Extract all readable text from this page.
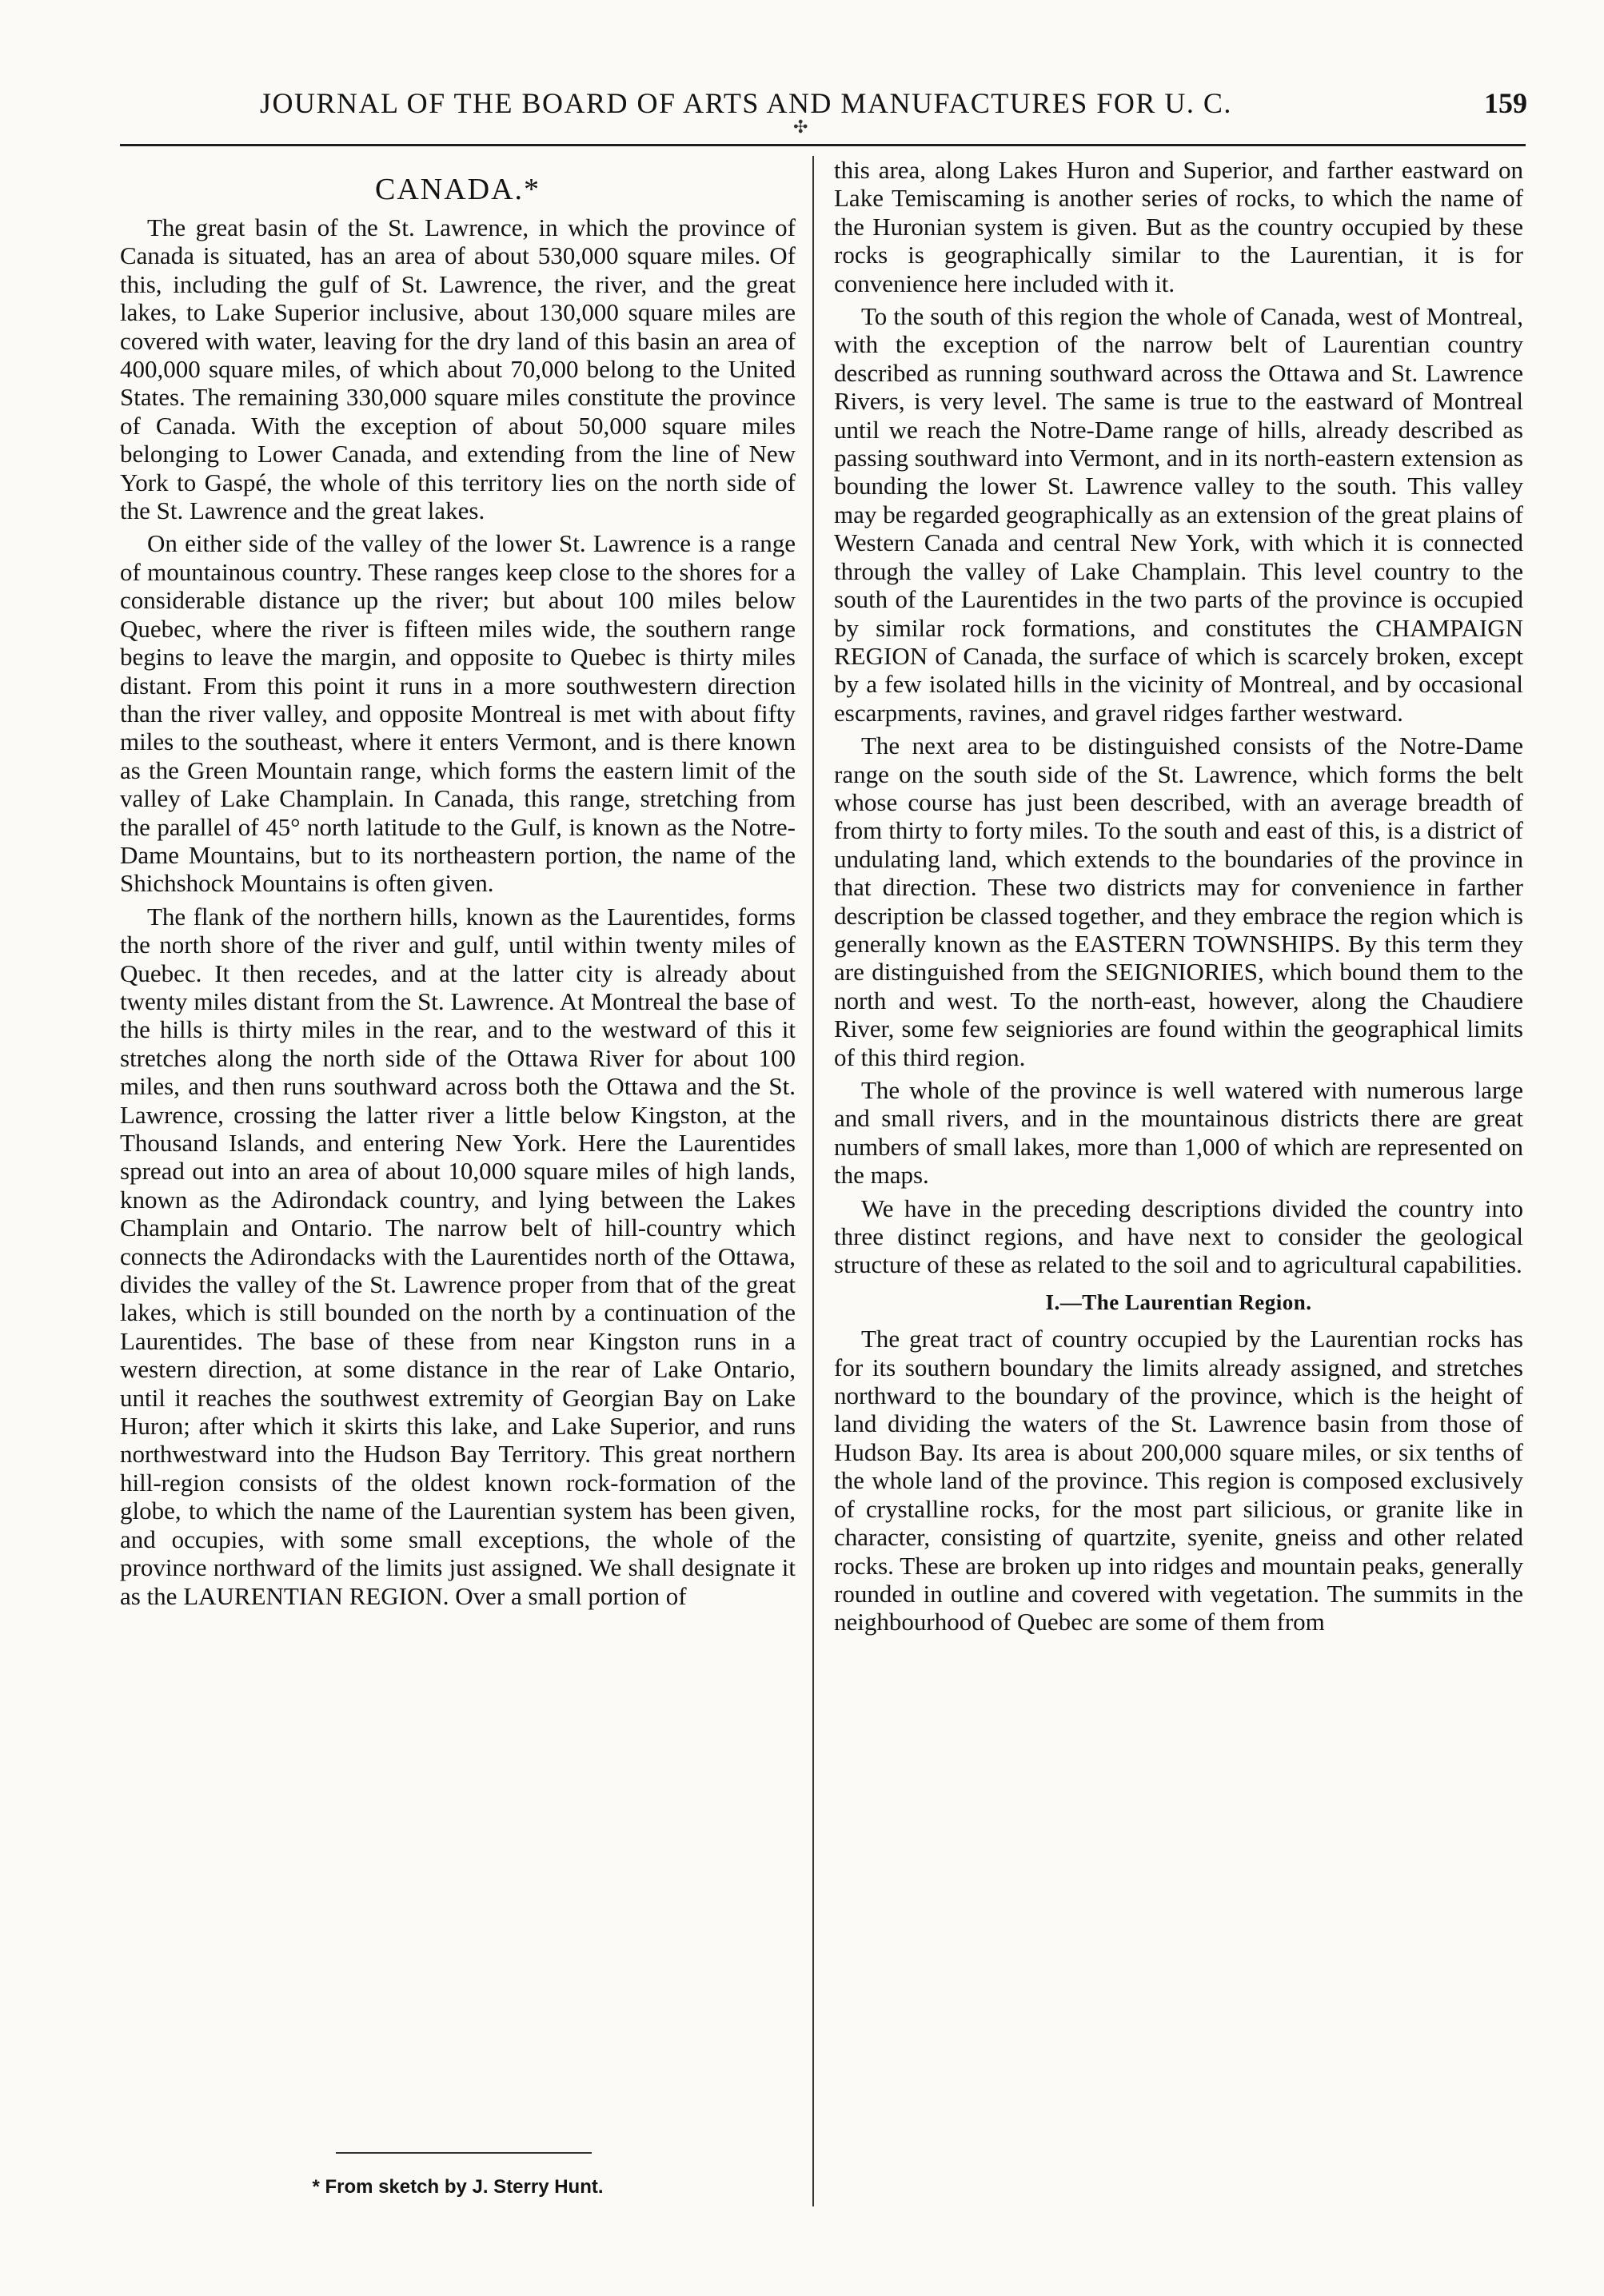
JOURNAL OF THE BOARD OF ARTS AND MANUFACTURES FOR U. C.	159
✣
CANADA.*

The great basin of the St. Lawrence, in which the province of Canada is situated, has an area of about 530,000 square miles. Of this, including the gulf of St. Lawrence, the river, and the great lakes, to Lake Superior inclusive, about 130,000 square miles are covered with water, leaving for the dry land of this basin an area of 400,000 square miles, of which about 70,000 belong to the United States. The remaining 330,000 square miles constitute the province of Canada. With the exception of about 50,000 square miles belonging to Lower Canada, and extending from the line of New York to Gaspé, the whole of this territory lies on the north side of the St. Lawrence and the great lakes.

On either side of the valley of the lower St. Lawrence is a range of mountainous country. These ranges keep close to the shores for a considerable distance up the river; but about 100 miles below Quebec, where the river is fifteen miles wide, the southern range begins to leave the margin, and opposite to Quebec is thirty miles distant. From this point it runs in a more southwestern direction than the river valley, and opposite Montreal is met with about fifty miles to the southeast, where it enters Vermont, and is there known as the Green Mountain range, which forms the eastern limit of the valley of Lake Champlain. In Canada, this range, stretching from the parallel of 45° north latitude to the Gulf, is known as the Notre-Dame Mountains, but to its northeastern portion, the name of the Shichshock Mountains is often given.

The flank of the northern hills, known as the Laurentides, forms the north shore of the river and gulf, until within twenty miles of Quebec. It then recedes, and at the latter city is already about twenty miles distant from the St. Lawrence. At Montreal the base of the hills is thirty miles in the rear, and to the westward of this it stretches along the north side of the Ottawa River for about 100 miles, and then runs southward across both the Ottawa and the St. Lawrence, crossing the latter river a little below Kingston, at the Thousand Islands, and entering New York. Here the Laurentides spread out into an area of about 10,000 square miles of high lands, known as the Adirondack country, and lying between the Lakes Champlain and Ontario. The narrow belt of hill-country which connects the Adirondacks with the Laurentides north of the Ottawa, divides the valley of the St. Lawrence proper from that of the great lakes, which is still bounded on the north by a continuation of the Laurentides. The base of these from near Kingston runs in a western direction, at some distance in the rear of Lake Ontario, until it reaches the southwest extremity of Georgian Bay on Lake Huron; after which it skirts this lake, and Lake Superior, and runs northwestward into the Hudson Bay Territory. This great northern hill-region consists of the oldest known rock-formation of the globe, to which the name of the Laurentian system has been given, and occupies, with some small exceptions, the whole of the province northward of the limits just assigned. We shall designate it as the LAURENTIAN REGION. Over a small portion of

* From sketch by J. Sterry Hunt.

this area, along Lakes Huron and Superior, and farther eastward on Lake Temiscaming is another series of rocks, to which the name of the Huronian system is given. But as the country occupied by these rocks is geographically similar to the Laurentian, it is for convenience here included with it.

To the south of this region the whole of Canada, west of Montreal, with the exception of the narrow belt of Laurentian country described as running southward across the Ottawa and St. Lawrence Rivers, is very level. The same is true to the eastward of Montreal until we reach the Notre-Dame range of hills, already described as passing southward into Vermont, and in its north-eastern extension as bounding the lower St. Lawrence valley to the south. This valley may be regarded geographically as an extension of the great plains of Western Canada and central New York, with which it is connected through the valley of Lake Champlain. This level country to the south of the Laurentides in the two parts of the province is occupied by similar rock formations, and constitutes the CHAMPAIGN REGION of Canada, the surface of which is scarcely broken, except by a few isolated hills in the vicinity of Montreal, and by occasional escarpments, ravines, and gravel ridges farther westward.

The next area to be distinguished consists of the Notre-Dame range on the south side of the St. Lawrence, which forms the belt whose course has just been described, with an average breadth of from thirty to forty miles. To the south and east of this, is a district of undulating land, which extends to the boundaries of the province in that direction. These two districts may for convenience in farther description be classed together, and they embrace the region which is generally known as the EASTERN TOWNSHIPS. By this term they are distinguished from the SEIGNIORIES, which bound them to the north and west. To the north-east, however, along the Chaudiere River, some few seigniories are found within the geographical limits of this third region.

The whole of the province is well watered with numerous large and small rivers, and in the mountainous districts there are great numbers of small lakes, more than 1,000 of which are represented on the maps.

We have in the preceding descriptions divided the country into three distinct regions, and have next to consider the geological structure of these as related to the soil and to agricultural capabilities.

I.—The Laurentian Region.

The great tract of country occupied by the Laurentian rocks has for its southern boundary the limits already assigned, and stretches northward to the boundary of the province, which is the height of land dividing the waters of the St. Lawrence basin from those of Hudson Bay. Its area is about 200,000 square miles, or six tenths of the whole land of the province. This region is composed exclusively of crystalline rocks, for the most part silicious, or granite like in character, consisting of quartzite, syenite, gneiss and other related rocks. These are broken up into ridges and mountain peaks, generally rounded in outline and covered with vegetation. The summits in the neighbourhood of Quebec are some of them from
